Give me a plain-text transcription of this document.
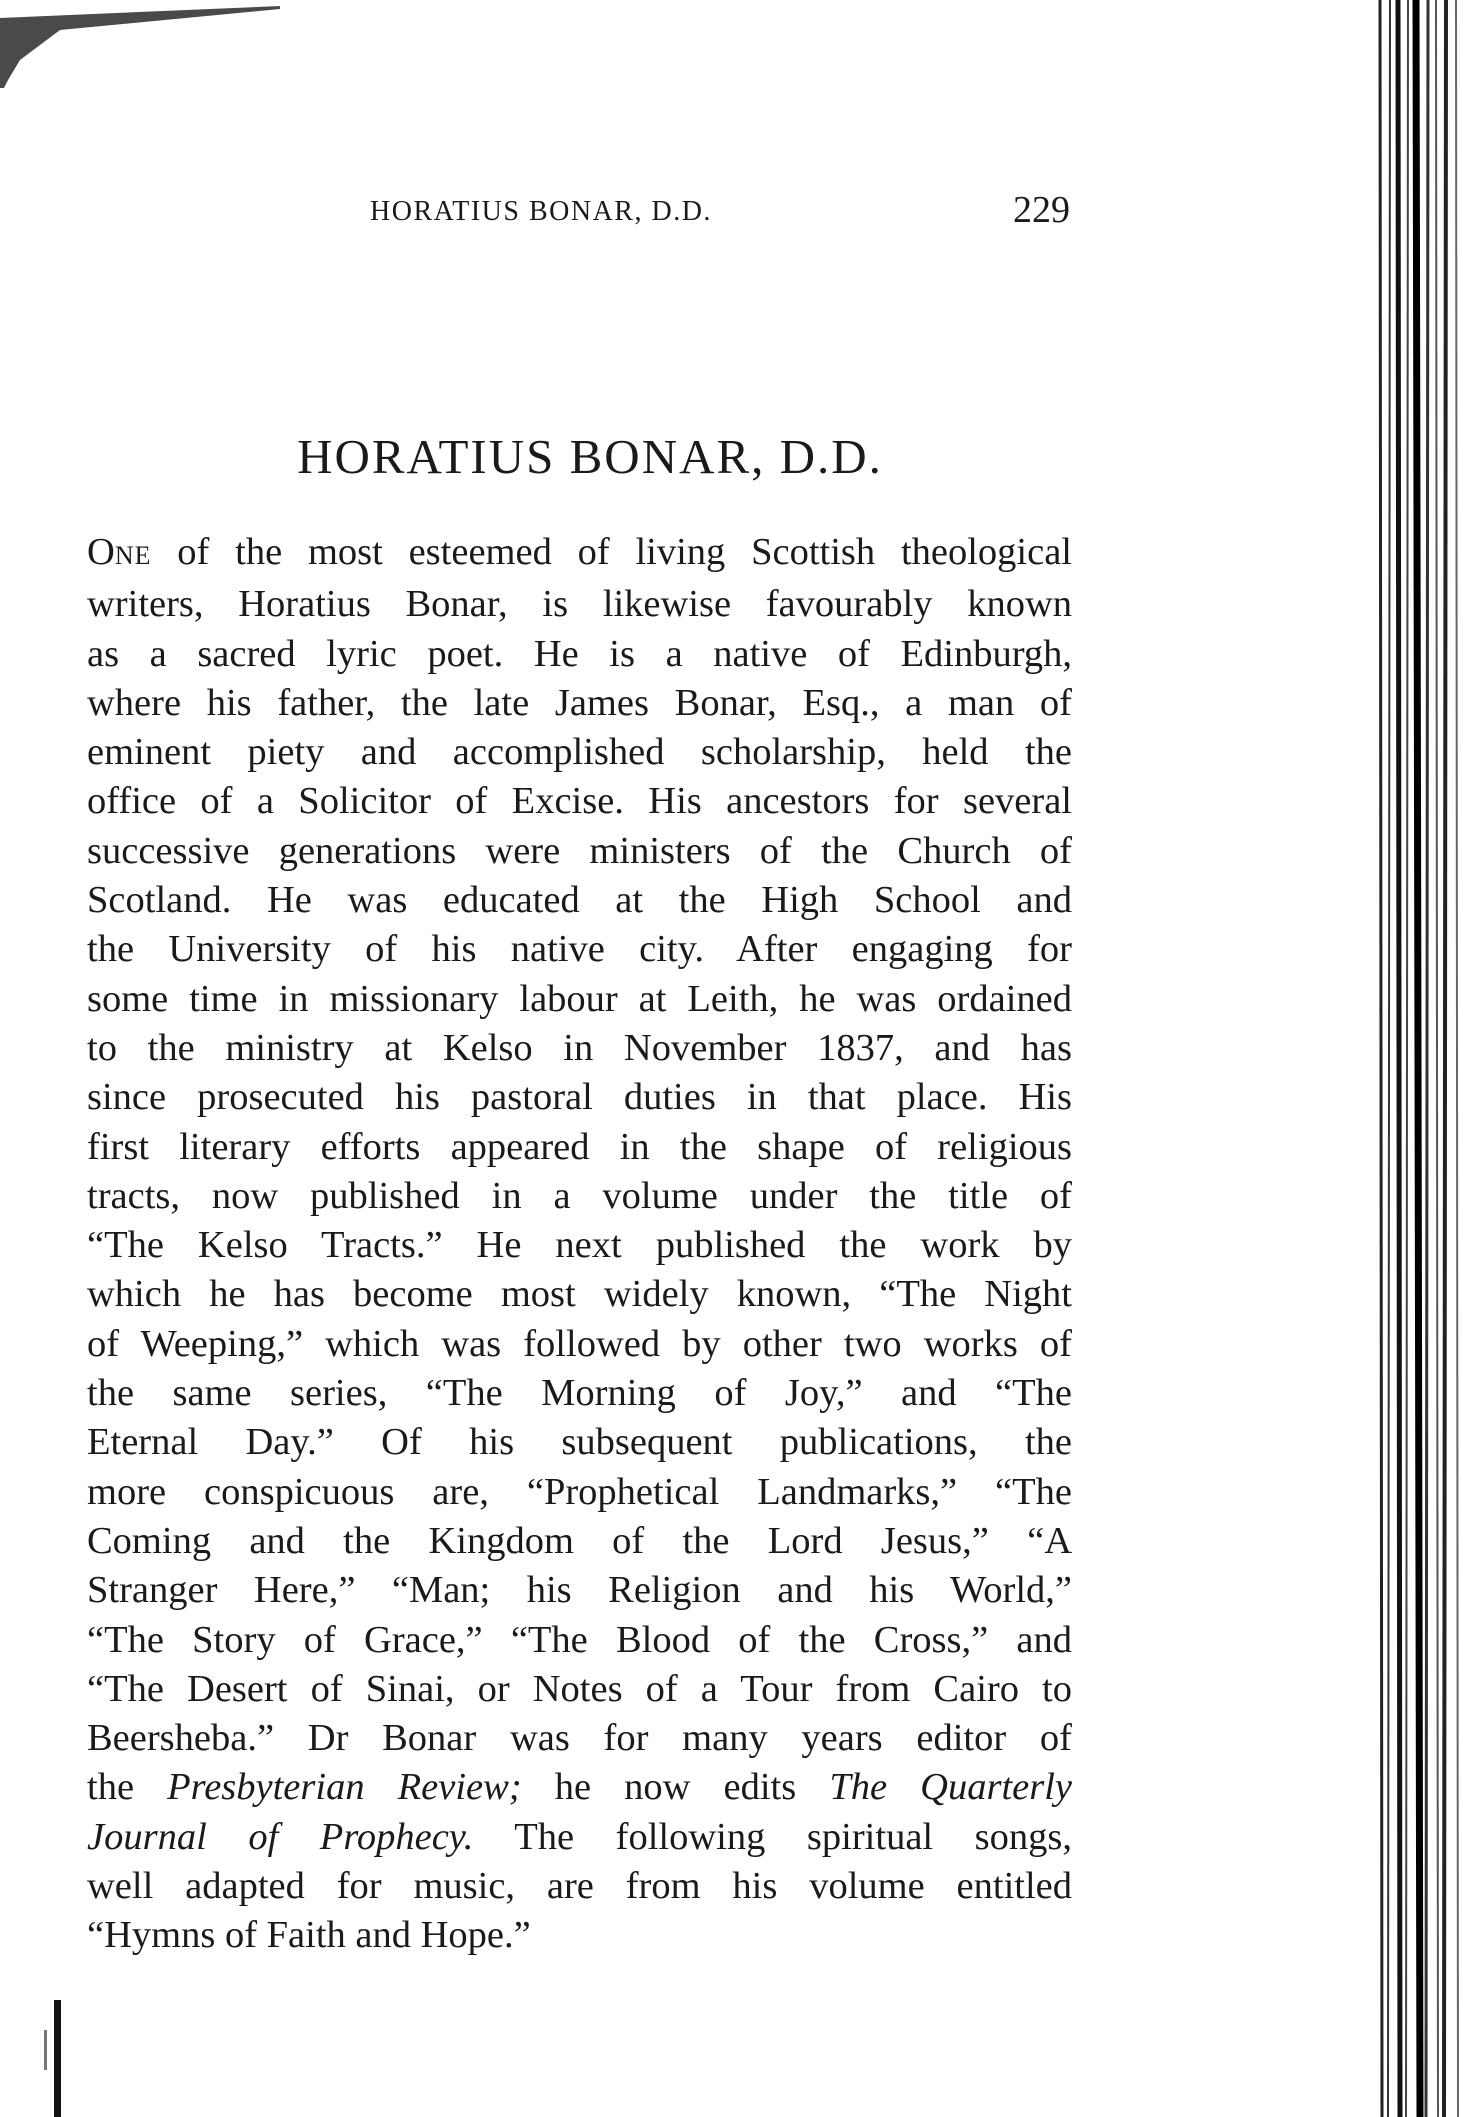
HORATIUS BONAR, D.D.	229
HORATIUS BONAR, D.D.
ONE of the most esteemed of living Scottish theological
writers, Horatius Bonar, is likewise favourably known
as a sacred lyric poet. He is a native of Edinburgh,
where his father, the late James Bonar, Esq., a man of
eminent piety and accomplished scholarship, held the
office of a Solicitor of Excise. His ancestors for several
successive generations were ministers of the Church of
Scotland. He was educated at the High School and
the University of his native city. After engaging for
some time in missionary labour at Leith, he was ordained
to the ministry at Kelso in November 1837, and has
since prosecuted his pastoral duties in that place. His
first literary efforts appeared in the shape of religious
tracts, now published in a volume under the title of
“The Kelso Tracts.” He next published the work by
which he has become most widely known, “The Night
of Weeping,” which was followed by other two works of
the same series, “The Morning of Joy,” and “The
Eternal Day.” Of his subsequent publications, the
more conspicuous are, “Prophetical Landmarks,” “The
Coming and the Kingdom of the Lord Jesus,” “A
Stranger Here,” “Man; his Religion and his World,”
“The Story of Grace,” “The Blood of the Cross,” and
“The Desert of Sinai, or Notes of a Tour from Cairo to
Beersheba.” Dr Bonar was for many years editor of
the Presbyterian Review; he now edits The Quarterly
Journal of Prophecy. The following spiritual songs,
well adapted for music, are from his volume entitled
“Hymns of Faith and Hope.”
